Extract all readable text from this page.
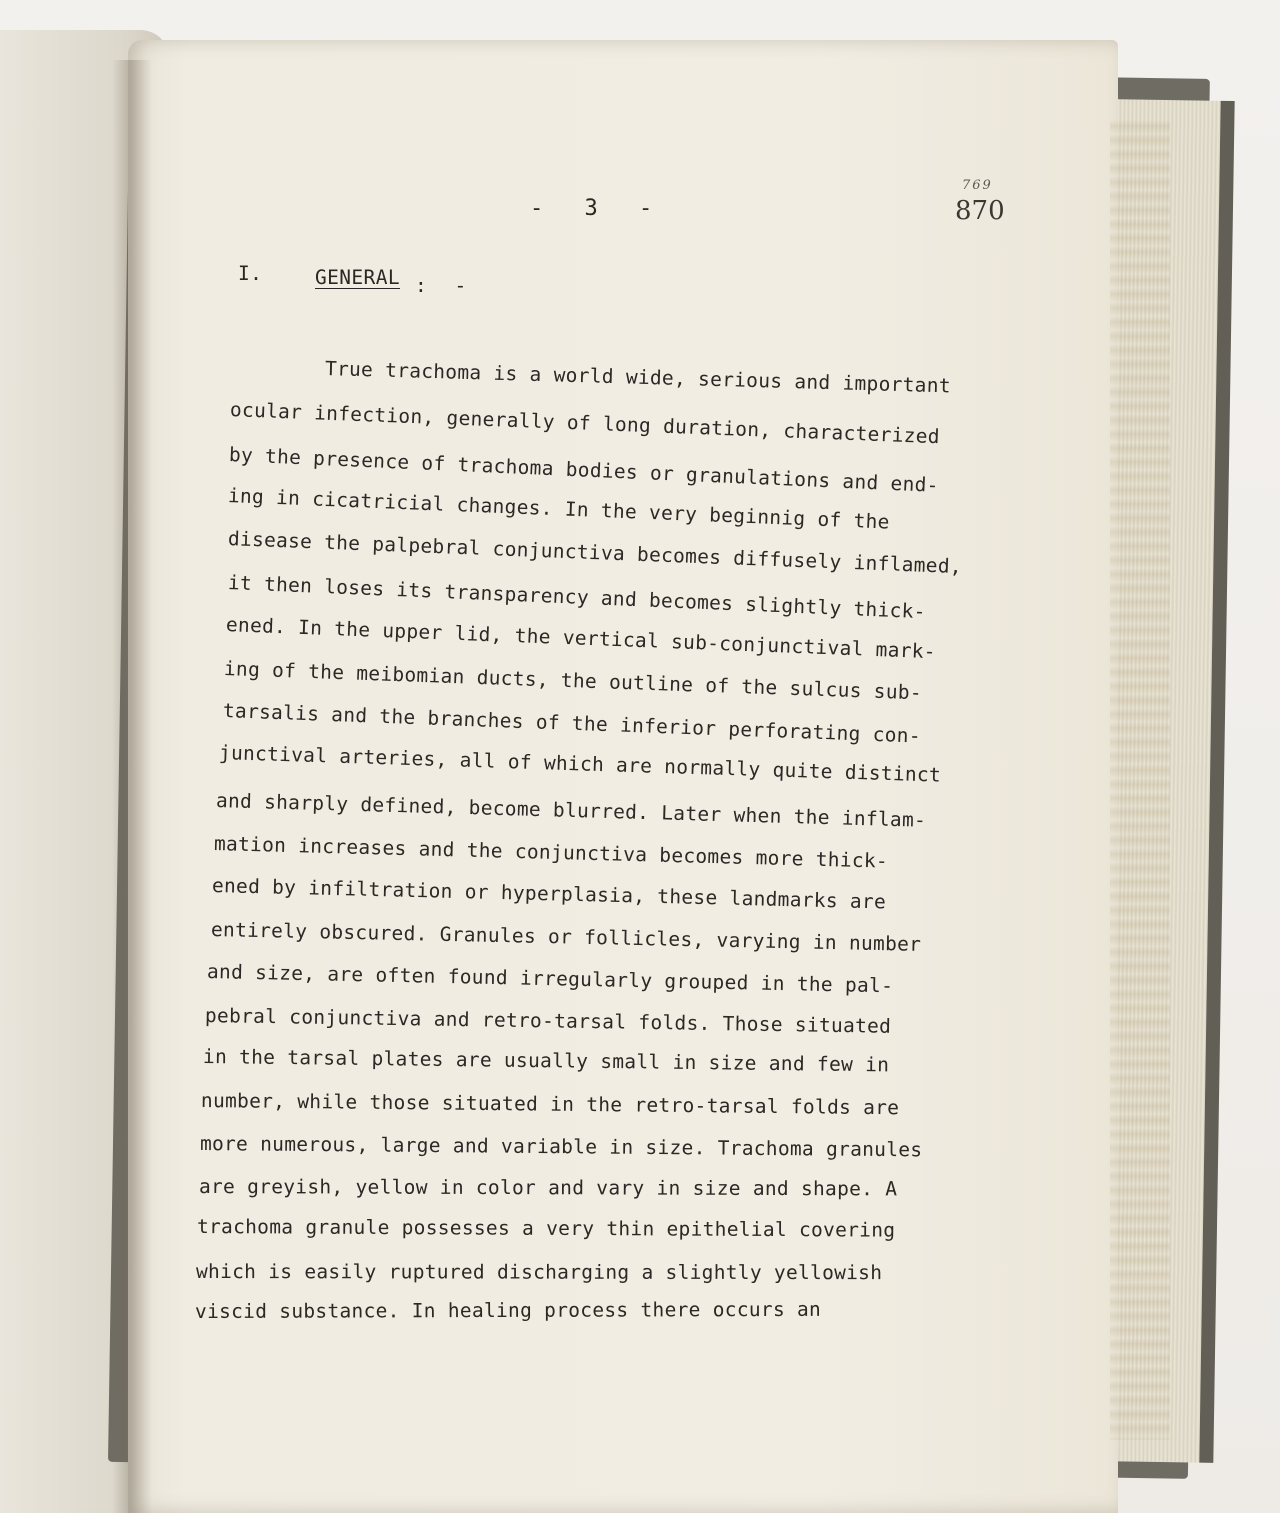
- 3 -
769
870
I.	GENERAL : -
True trachoma is a world wide, serious and important
ocular infection, generally of long duration, characterized
by the presence of trachoma bodies or granulations and end-
ing in cicatricial changes. In the very beginnig of the
disease the palpebral conjunctiva becomes diffusely inflamed,
it then loses its transparency and becomes slightly thick-
ened. In the upper lid, the vertical sub-conjunctival mark-
ing of the meibomian ducts, the outline of the sulcus sub-
tarsalis and the branches of the inferior perforating con-
junctival arteries, all of which are normally quite distinct
and sharply defined, become blurred. Later when the inflam-
mation increases and the conjunctiva becomes more thick-
ened by infiltration or hyperplasia, these landmarks are
entirely obscured. Granules or follicles, varying in number
and size, are often found irregularly grouped in the pal-
pebral conjunctiva and retro-tarsal folds. Those situated
in the tarsal plates are usually small in size and few in
number, while those situated in the retro-tarsal folds are
more numerous, large and variable in size. Trachoma granules
are greyish, yellow in color and vary in size and shape. A
trachoma granule possesses a very thin epithelial covering
which is easily ruptured discharging a slightly yellowish
viscid substance. In healing process there occurs an
